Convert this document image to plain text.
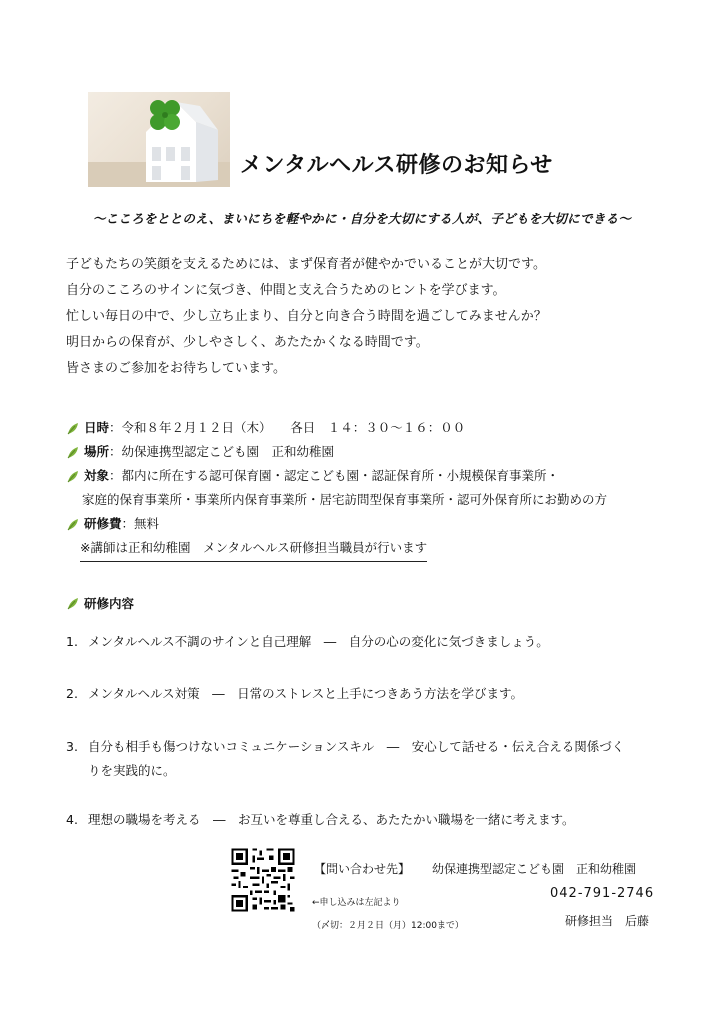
メンタルヘルス研修のお知らせ
〜こころをととのえ、まいにちを軽やかに・自分を大切にする人が、子どもを大切にできる〜
子どもたちの笑顔を支えるためには、まず保育者が健やかでいることが大切です。
自分のこころのサインに気づき、仲間と支え合うためのヒントを学びます。
忙しい毎日の中で、少し立ち止まり、自分と向き合う時間を過ごしてみませんか？
明日からの保育が、少しやさしく、あたたかくなる時間です。
皆さまのご参加をお待ちしています。
日時 ：令和８年２月１２日（木）　　各日　１４：３０〜１６：００
場所 ：幼保連携型認定こども園　正和幼稚園
対象 ：都内に所在する認可保育園・認定こども園・認証保育所・小規模保育事業所・
家庭的保育事業所・事業所内保育事業所・居宅訪問型保育事業所・認可外保育所にお勤めの方
研修費 ：無料
※講師は正和幼稚園　メンタルヘルス研修担当職員が行います
研修内容
1. メンタルヘルス不調のサインと自己理解　―　自分の心の変化に気づきましょう。
2. メンタルヘルス対策　―　日常のストレスと上手につきあう方法を学びます。
3. 自分も相手も傷つけないコミュニケーションスキル　―　安心して話せる・伝え合える関係づく
りを実践的に。
4. 理想の職場を考える　―　お互いを尊重し合える、あたたかい職場を一緒に考えます。
【問い合わせ先】 幼保連携型認定こども園　正和幼稚園
042-791-2746
←申し込みは左記より
研修担当　后藤
（〆切：２月２日（月）12:00まで）
